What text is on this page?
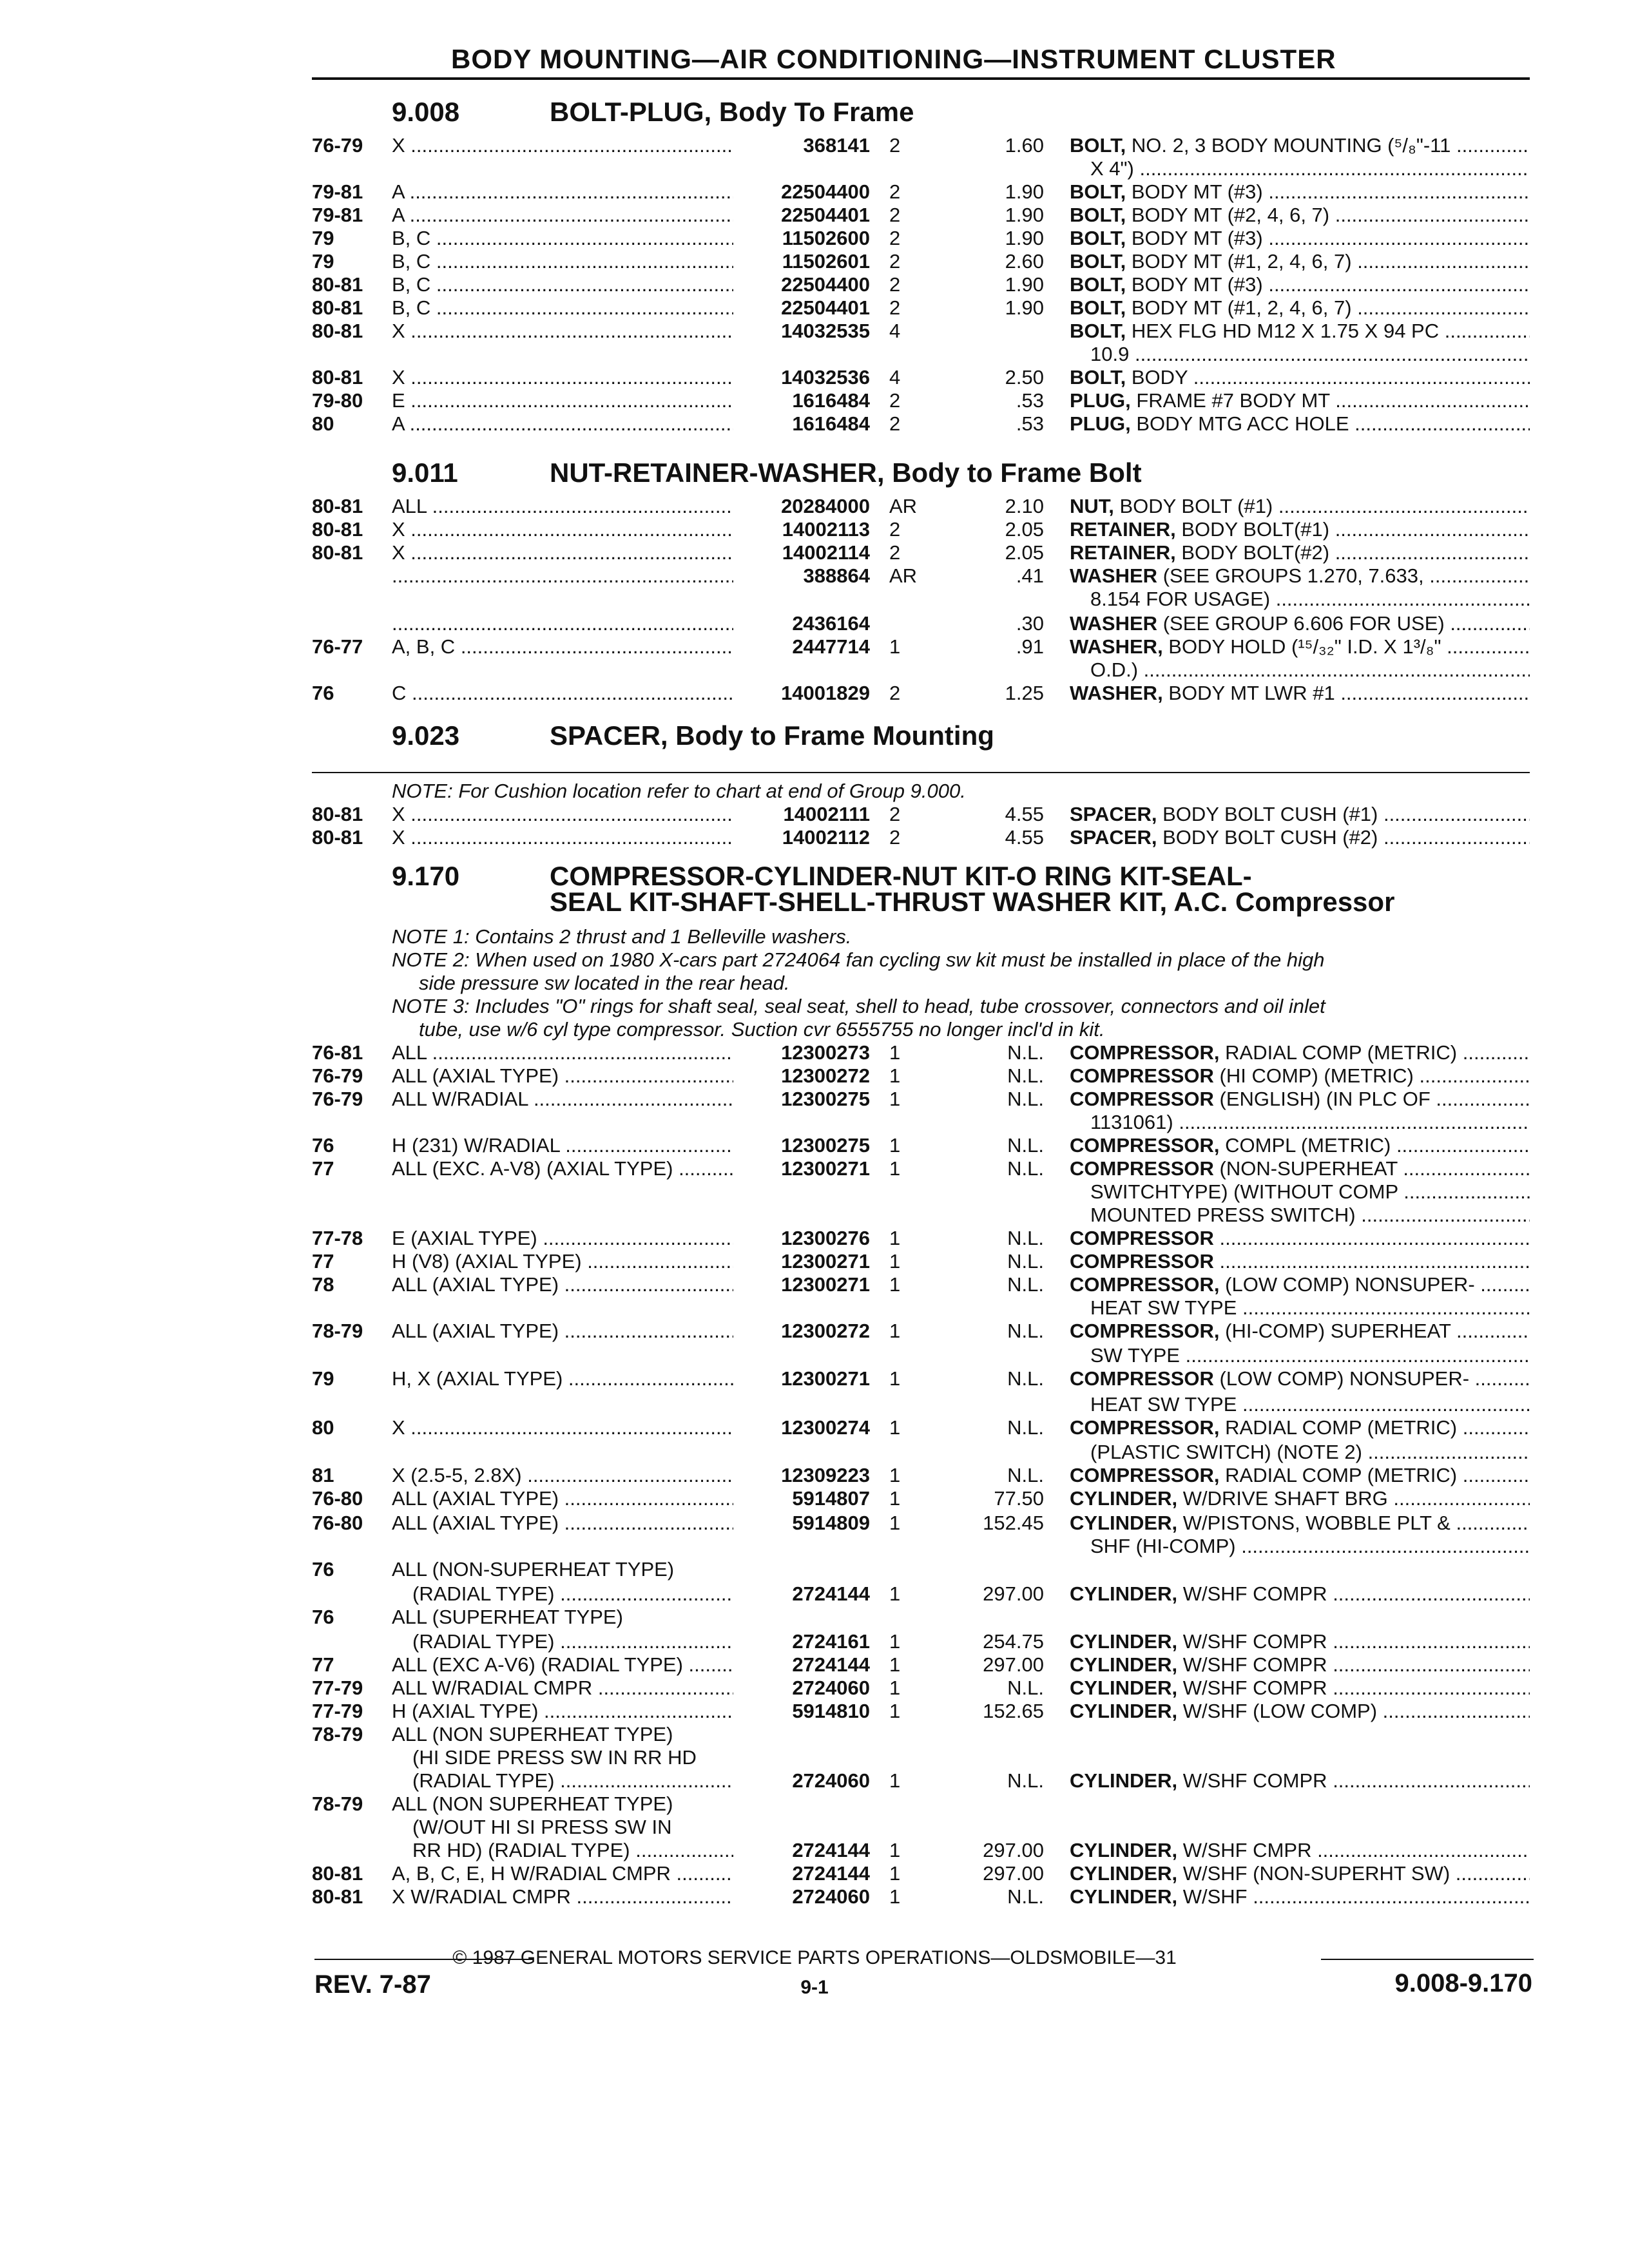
BODY MOUNTING—AIR CONDITIONING—INSTRUMENT CLUSTER
9.008	BOLT-PLUG, Body To Frame
9.011	NUT-RETAINER-WASHER, Body to Frame Bolt
9.023	SPACER, Body to Frame Mounting
NOTE: For Cushion location refer to chart at end of Group 9.000.
9.170	COMPRESSOR-CYLINDER-NUT KIT-O RING KIT-SEAL-
SEAL KIT-SHAFT-SHELL-THRUST WASHER KIT, A.C. Compressor
NOTE 1: Contains 2 thrust and 1 Belleville washers.
NOTE 2: When used on 1980 X-cars part 2724064 fan cycling sw kit must be installed in place of the high
side pressure sw located in the rear head.
NOTE 3: Includes "O" rings for shaft seal, seal seat, shell to head, tube crossover, connectors and oil inlet
tube, use w/6 cyl type compressor. Suction cvr 6555755 no longer incl'd in kit.
76-79	X .....	368141 2	1.60 BOLT, NO. 2, 3 BODY MOUNTING (⁵/₈"-11 .....
X 4") .....
79-81	A .....	22504400 2	1.90 BOLT, BODY MT (#3) .....
79-81	A .....	22504401 2	1.90 BOLT, BODY MT (#2, 4, 6, 7) .....
79	B, C .....	11502600 2	1.90 BOLT, BODY MT (#3) .....
79	B, C .....	11502601 2	2.60 BOLT, BODY MT (#1, 2, 4, 6, 7) .....
80-81	B, C .....	22504400 2	1.90 BOLT, BODY MT (#3) .....
80-81	B, C .....	22504401 2	1.90 BOLT, BODY MT (#1, 2, 4, 6, 7) .....
80-81	X .....	14032535 4	BOLT, HEX FLG HD M12 X 1.75 X 94 PC .....
10.9 .....
80-81	X .....	14032536 4	2.50 BOLT, BODY .....
79-80	E .....	1616484 2	.53 PLUG, FRAME #7 BODY MT .....
80	A .....	1616484 2	.53 PLUG, BODY MTG ACC HOLE .....
80-81	ALL .....	20284000 AR	2.10 NUT, BODY BOLT (#1) .....
80-81	X .....	14002113 2	2.05 RETAINER, BODY BOLT(#1) .....
80-81	X .....	14002114 2	2.05 RETAINER, BODY BOLT(#2) .....
.....
388864 AR	.41 WASHER (SEE GROUPS 1.270, 7.633, .....
8.154 FOR USAGE) .....
.....
2436164	.30 WASHER (SEE GROUP 6.606 FOR USE) .....
76-77	A, B, C .....	2447714 1	.91 WASHER, BODY HOLD (¹⁵/₃₂" I.D. X 1³/₈" .....
O.D.) .....
76	C .....	14001829 2	1.25 WASHER, BODY MT LWR #1 .....
80-81	X .....	14002111 2	4.55 SPACER, BODY BOLT CUSH (#1) .....
80-81	X .....	14002112 2	4.55 SPACER, BODY BOLT CUSH (#2) .....
76-81	ALL .....	12300273 1	N.L. COMPRESSOR, RADIAL COMP (METRIC) .....
76-79	ALL (AXIAL TYPE) .....	12300272 1	N.L. COMPRESSOR (HI COMP) (METRIC) .....
76-79	ALL W/RADIAL .....	12300275 1	N.L. COMPRESSOR (ENGLISH) (IN PLC OF .....
1131061) .....
76	H (231) W/RADIAL .....	12300275 1	N.L. COMPRESSOR, COMPL (METRIC) .....
77	ALL (EXC. A-V8) (AXIAL TYPE) .....	12300271 1	N.L. COMPRESSOR (NON-SUPERHEAT .....
SWITCHTYPE) (WITHOUT COMP .....
MOUNTED PRESS SWITCH) .....
77-78	E (AXIAL TYPE) .....	12300276 1	N.L. COMPRESSOR .....
77	H (V8) (AXIAL TYPE) .....	12300271 1	N.L. COMPRESSOR .....
78	ALL (AXIAL TYPE) .....	12300271 1	N.L. COMPRESSOR, (LOW COMP) NONSUPER- .....
HEAT SW TYPE .....
78-79	ALL (AXIAL TYPE) .....	12300272 1	N.L. COMPRESSOR, (HI-COMP) SUPERHEAT .....
SW TYPE .....
79	H, X (AXIAL TYPE) .....	12300271 1	N.L. COMPRESSOR (LOW COMP) NONSUPER- .....
HEAT SW TYPE .....
80	X .....	12300274 1	N.L. COMPRESSOR, RADIAL COMP (METRIC) .....
(PLASTIC SWITCH) (NOTE 2) .....
81	X (2.5-5, 2.8X) .....	12309223 1	N.L. COMPRESSOR, RADIAL COMP (METRIC) .....
76-80	ALL (AXIAL TYPE) .....	5914807 1	77.50 CYLINDER, W/DRIVE SHAFT BRG .....
76-80	ALL (AXIAL TYPE) .....	5914809 1	152.45 CYLINDER, W/PISTONS, WOBBLE PLT & .....
SHF (HI-COMP) .....
76	ALL (NON-SUPERHEAT TYPE)
(RADIAL TYPE) .....	2724144 1	297.00 CYLINDER, W/SHF COMPR .....
76	ALL (SUPERHEAT TYPE)
(RADIAL TYPE) .....	2724161 1	254.75 CYLINDER, W/SHF COMPR .....
77	ALL (EXC A-V6) (RADIAL TYPE) .....	2724144 1	297.00 CYLINDER, W/SHF COMPR .....
77-79	ALL W/RADIAL CMPR .....	2724060 1	N.L. CYLINDER, W/SHF COMPR .....
77-79	H (AXIAL TYPE) .....	5914810 1	152.65 CYLINDER, W/SHF (LOW COMP) .....
78-79	ALL (NON SUPERHEAT TYPE)
(HI SIDE PRESS SW IN RR HD
(RADIAL TYPE) .....	2724060 1	N.L. CYLINDER, W/SHF COMPR .....
78-79	ALL (NON SUPERHEAT TYPE)
(W/OUT HI SI PRESS SW IN
RR HD) (RADIAL TYPE) .....	2724144 1	297.00 CYLINDER, W/SHF CMPR .....
80-81	A, B, C, E, H W/RADIAL CMPR .....	2724144 1	297.00 CYLINDER, W/SHF (NON-SUPERHT SW) .....
80-81	X W/RADIAL CMPR .....	2724060 1	N.L. CYLINDER, W/SHF .....
© 1987 GENERAL MOTORS SERVICE PARTS OPERATIONS—OLDSMOBILE—31
REV. 7-87	9-1	9.008-9.170
